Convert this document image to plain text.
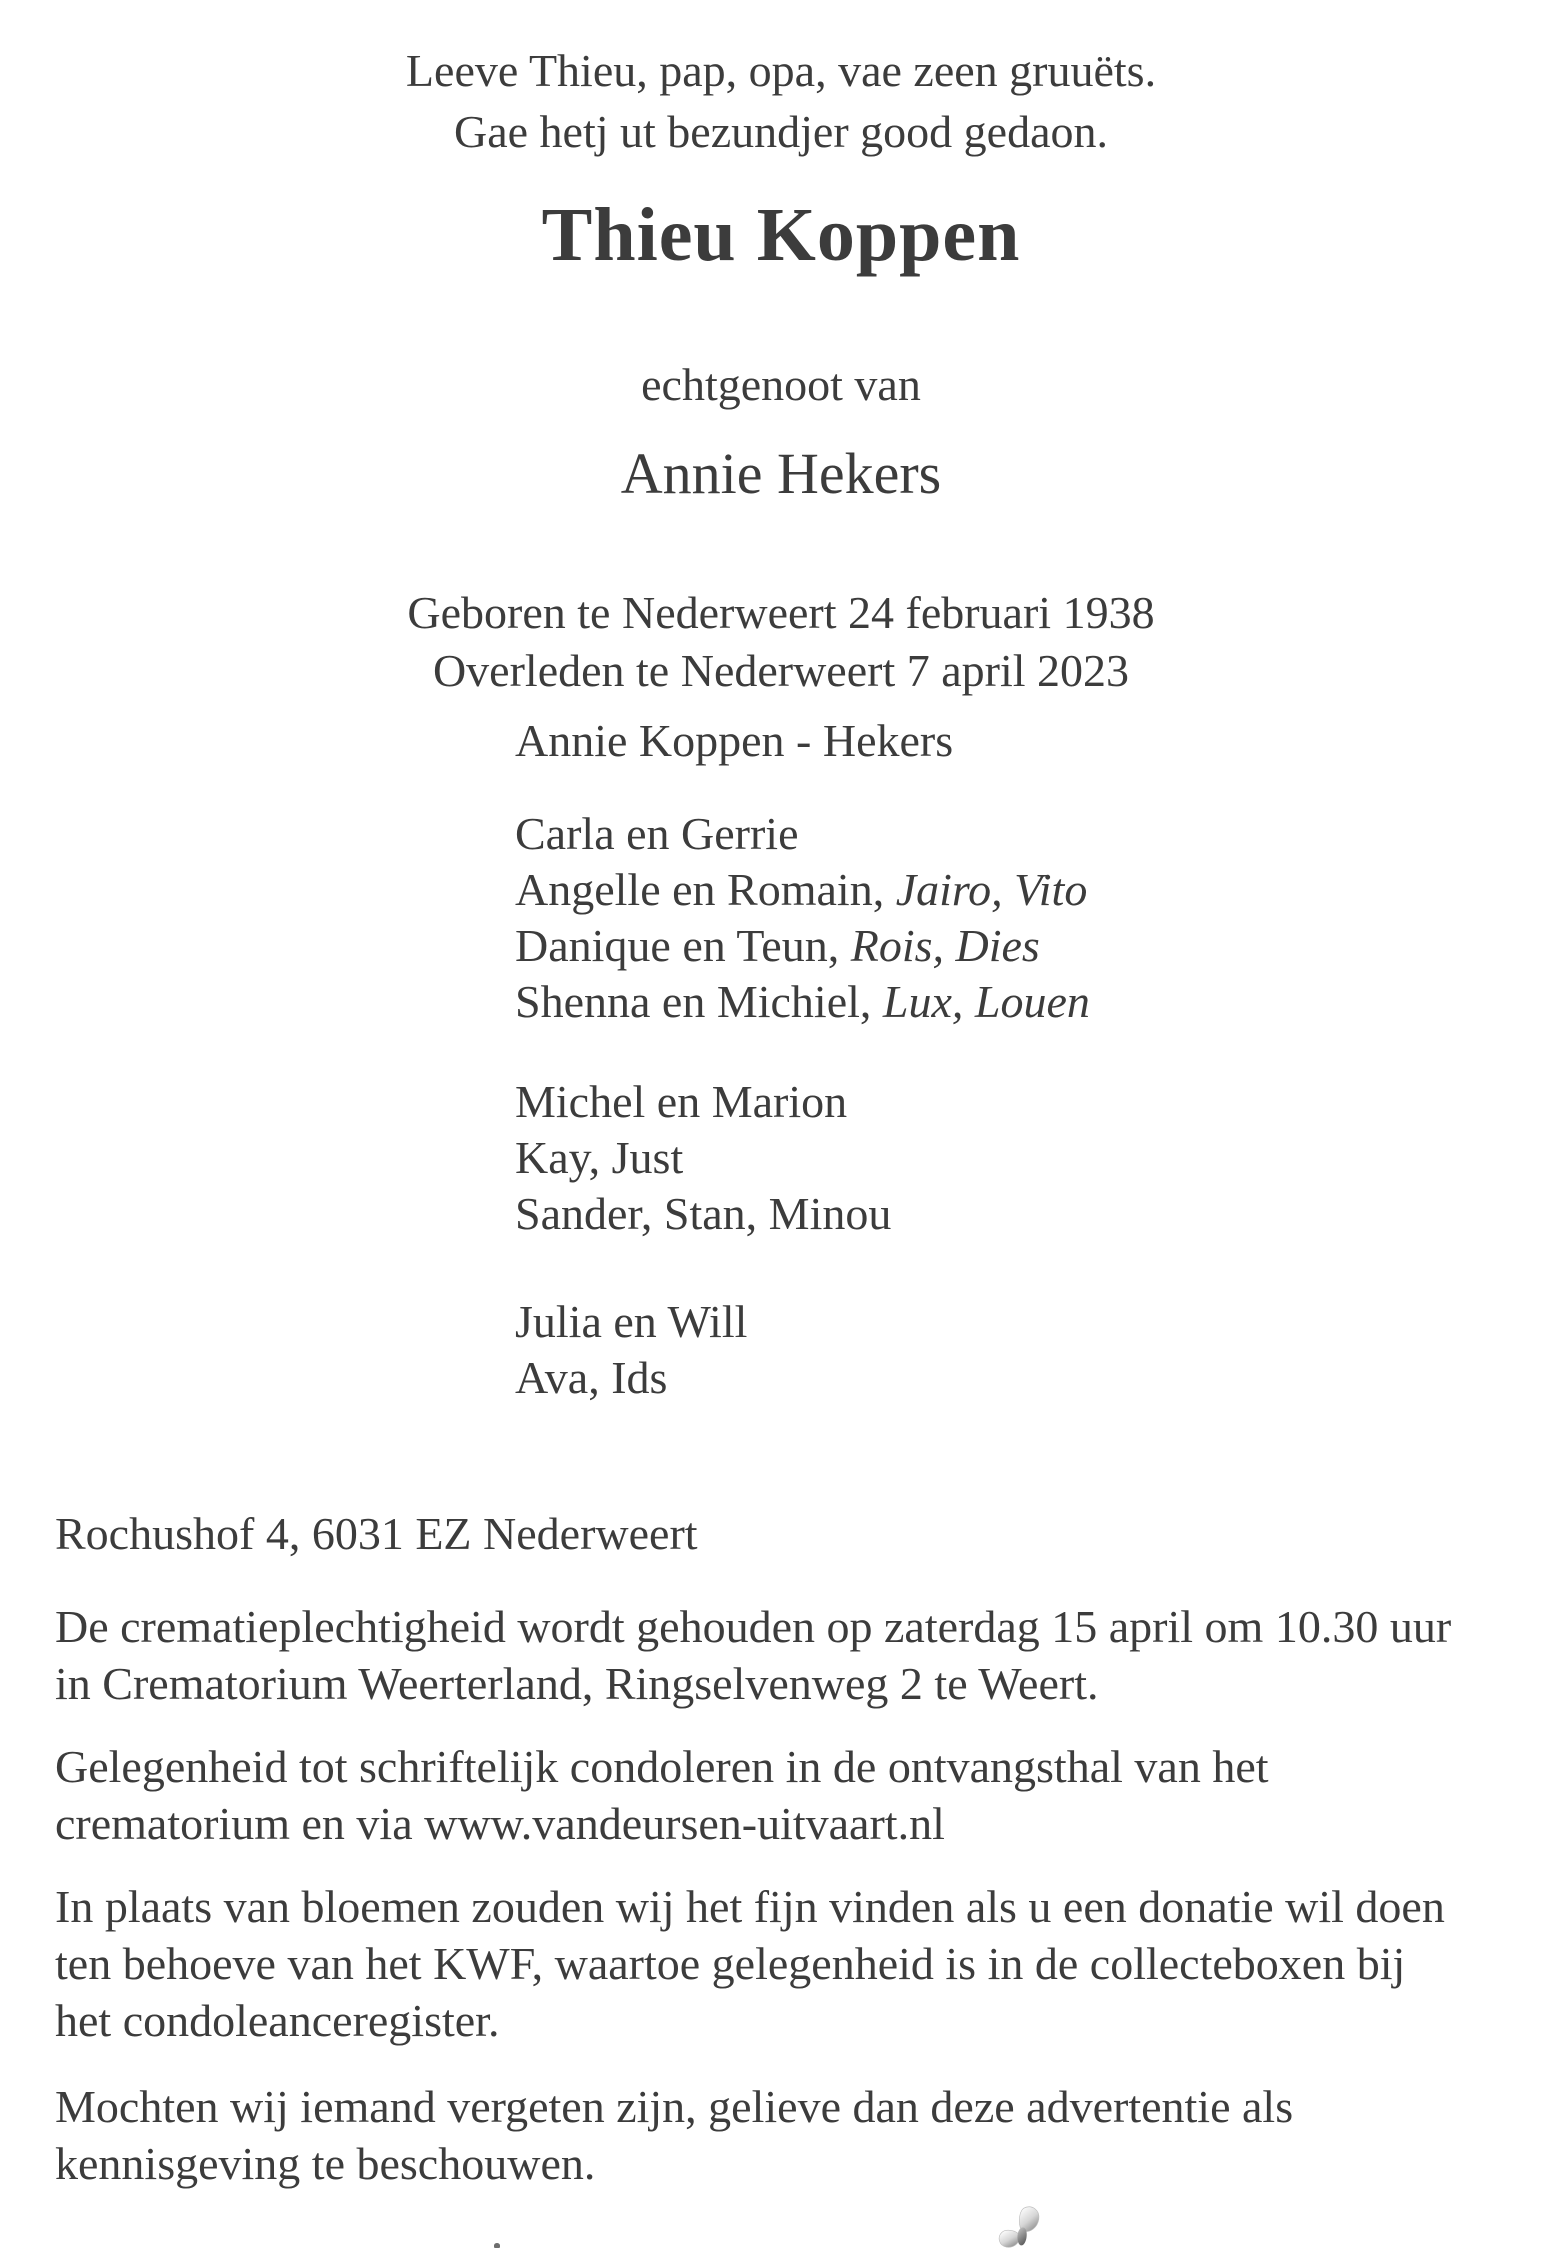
Leeve Thieu, pap, opa, vae zeen gruuëts.
Gae hetj ut bezundjer good gedaon.
Thieu Koppen
echtgenoot van
Annie Hekers
Geboren te Nederweert 24 februari 1938
Overleden te Nederweert 7 april 2023
Annie Koppen - Hekers
Carla en Gerrie
Angelle en Romain, Jairo, Vito
Danique en Teun, Rois, Dies
Shenna en Michiel, Lux, Louen
Michel en Marion
Kay, Just
Sander, Stan, Minou
Julia en Will
Ava, Ids
Rochushof 4, 6031 EZ Nederweert
De crematieplechtigheid wordt gehouden op zaterdag 15 april om 10.30 uur
in Crematorium Weerterland, Ringselvenweg 2 te Weert.
Gelegenheid tot schriftelijk condoleren in de ontvangsthal van het
crematorium en via www.vandeursen-uitvaart.nl
In plaats van bloemen zouden wij het fijn vinden als u een donatie wil doen
ten behoeve van het KWF, waartoe gelegenheid is in de collecteboxen bij
het condoleanceregister.
Mochten wij iemand vergeten zijn, gelieve dan deze advertentie als
kennisgeving te beschouwen.
